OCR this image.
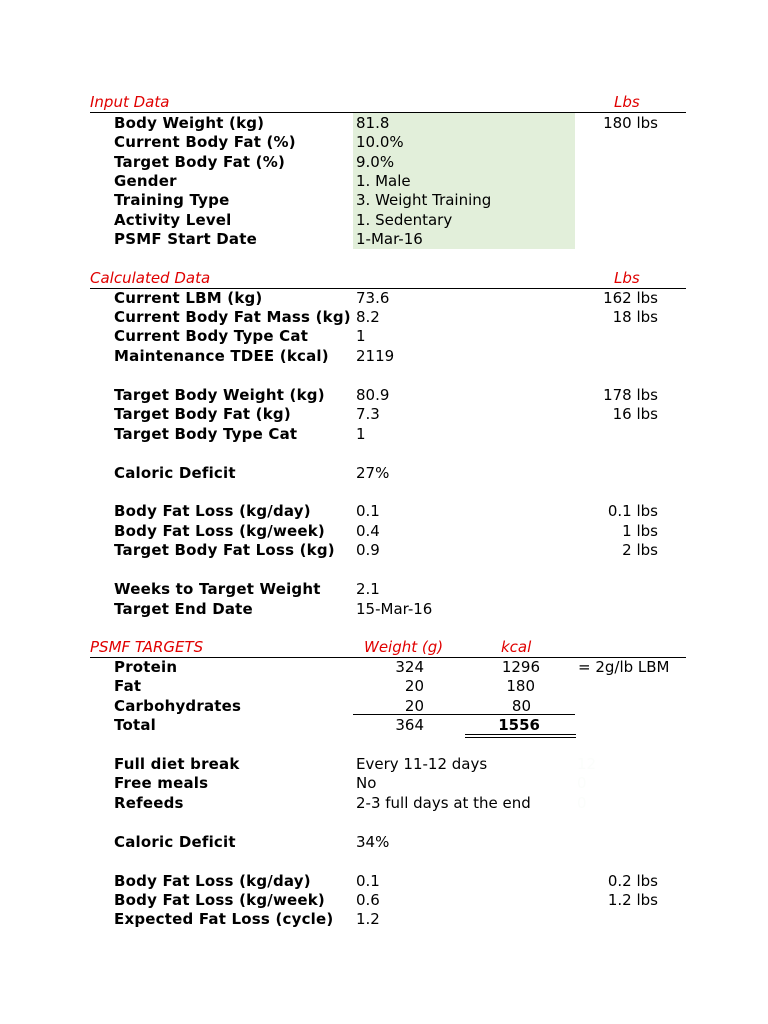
Input Data	Lbs
Body Weight (kg)	81.8	180 lbs
Current Body Fat (%)	10.0%
Target Body Fat (%)	9.0%
Gender	1. Male
Training Type	3. Weight Training
Activity Level	1. Sedentary
PSMF Start Date	1-Mar-16
Calculated Data	Lbs
Current LBM (kg)	73.6	162 lbs
Current Body Fat Mass (kg) 8.2	18 lbs
Current Body Type Cat	1
Maintenance TDEE (kcal) 2119
Target Body Weight (kg) 80.9	178 lbs
Target Body Fat (kg)	7.3	16 lbs
Target Body Type Cat	1
Caloric Deficit	27%
Body Fat Loss (kg/day)	0.1	0.1 lbs
Body Fat Loss (kg/week) 0.4	1 lbs
Target Body Fat Loss (kg) 0.9	2 lbs
Weeks to Target Weight 2.1
Target End Date	15-Mar-16
PSMF TARGETS	Weight (g)	kcal
Protein	324	1296	= 2g/lb LBM
Fat	20	180
Carbohydrates	20	80
Total	364	1556
Full diet break	Every 11-12 days	12
Free meals	No	0
Refeeds	2-3 full days at the end	0
Caloric Deficit	34%
Body Fat Loss (kg/day)	0.1	0.2 lbs
Body Fat Loss (kg/week) 0.6	1.2 lbs
Expected Fat Loss (cycle) 1.2
